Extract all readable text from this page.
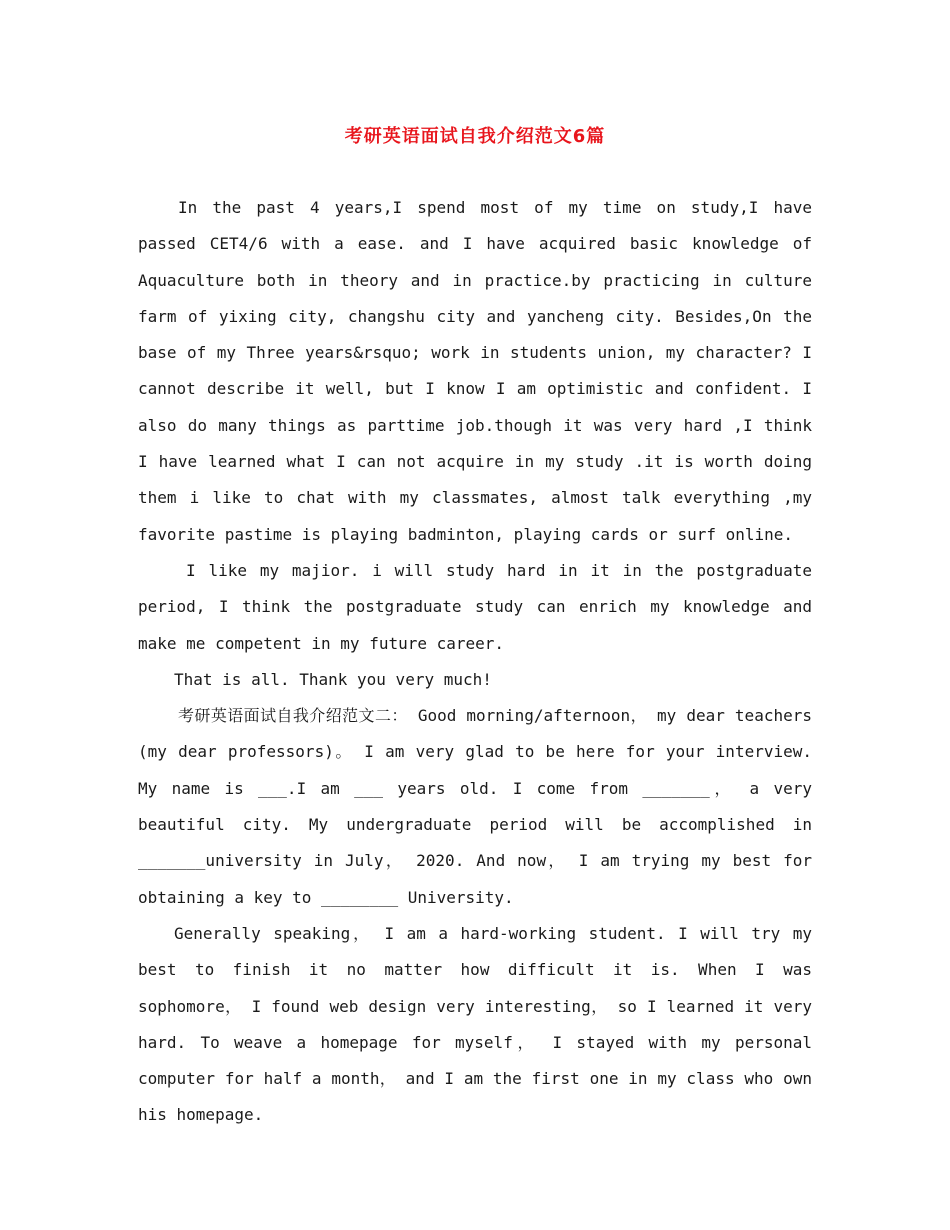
考研英语面试自我介绍范文6篇

In the past 4 years,I spend most of my time on study,I have passed CET4/6 with a ease. and I have acquired basic knowledge of Aquaculture both in theory and in practice.by practicing in culture farm of yixing city, changshu city and yancheng city. Besides,On the base of my Three years&rsquo; work in students union, my character? I cannot describe it well, but I know I am optimistic and confident. I also do many things as parttime job.though it was very hard ,I think I have learned what I can not acquire in my study .it is worth doing them i like to chat with my classmates, almost talk everything ,my favorite pastime is playing badminton, playing cards or surf online.

I like my majior. i will study hard in it in the postgraduate period, I think the postgraduate study can enrich my knowledge and make me competent in my future career.

That is all. Thank you very much!

考研英语面试自我介绍范文二： Good morning/afternoon， my dear teachers (my dear professors)。 I am very glad to be here for your interview. My name is ___.I am ___ years old. I come from _______， a very beautiful city. My undergraduate period will be accomplished in _______university in July， 2020. And now， I am trying my best for obtaining a key to ________ University.

Generally speaking， I am a hard-working student. I will try my best to finish it no matter how difficult it is. When I was sophomore， I found web design very interesting， so I learned it very hard. To weave a homepage for myself， I stayed with my personal computer for half a month， and I am the first one in my class who own his homepage.
